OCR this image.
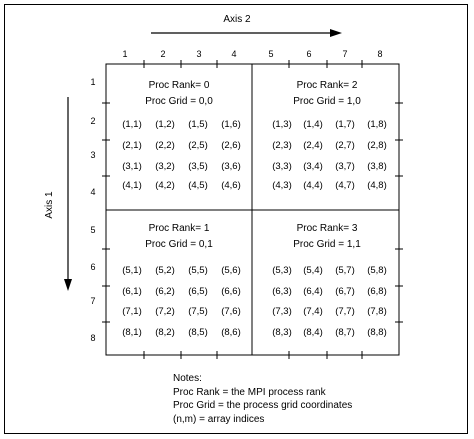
Axis 2
Axis 1
1	2	3	4	5	6	7	8
1
2
3
4
5
6
7
8
Proc Rank= 0
Proc Grid = 0,0
(1,1) (1,2) (1,5) (1,6)
(2,1) (2,2) (2,5) (2,6)
(3,1) (3,2) (3,5) (3,6)
(4,1) (4,2) (4,5) (4,6)
Proc Rank= 2
Proc Grid = 1,0
(1,3) (1,4) (1,7) (1,8)
(2,3) (2,4) (2,7) (2,8)
(3,3) (3,4) (3,7) (3,8)
(4,3) (4,4) (4,7) (4,8)
Proc Rank= 1
Proc Grid = 0,1
(5,1) (5,2) (5,5) (5,6)
(6,1) (6,2) (6,5) (6,6)
(7,1) (7,2) (7,5) (7,6)
(8,1) (8,2) (8,5) (8,6)
Proc Rank= 3
Proc Grid = 1,1
(5,3) (5,4) (5,7) (5,8)
(6,3) (6,4) (6,7) (6,8)
(7,3) (7,4) (7,7) (7,8)
(8,3) (8,4) (8,7) (8,8)
Notes:
Proc Rank = the MPI process rank
Proc Grid = the process grid coordinates
(n,m) = array indices
